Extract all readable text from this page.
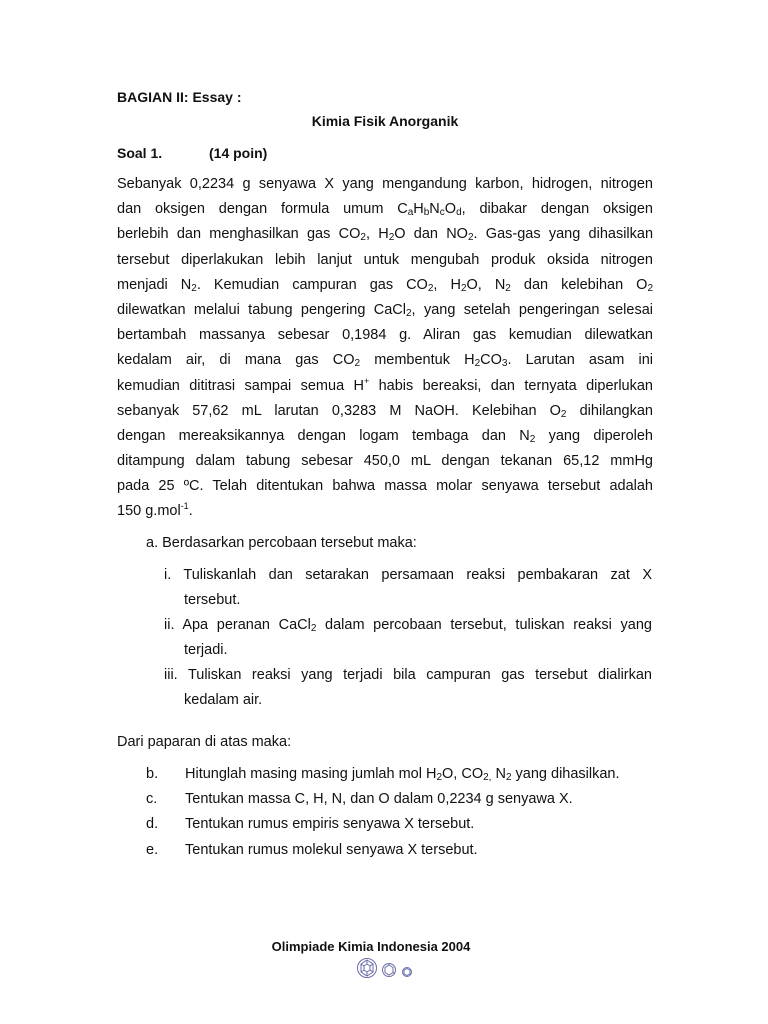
BAGIAN II: Essay :
Kimia Fisik Anorganik
Soal 1.	(14 poin)
Sebanyak 0,2234 g senyawa X yang mengandung karbon, hidrogen, nitrogen
dan oksigen dengan formula umum $C_aH_bN_cO_d$, dibakar dengan oksigen
berlebih dan menghasilkan gas $CO_2$, $H_2O$ dan $NO_2$. Gas-gas yang dihasilkan
tersebut diperlakukan lebih lanjut untuk mengubah produk oksida nitrogen
menjadi $N_2$. Kemudian campuran gas $CO_2$, $H_2O$, $N_2$ dan kelebihan $O_2$
dilewatkan melalui tabung pengering CaCl$_2$, yang setelah pengeringan selesai
bertambah massanya sebesar 0,1984 g. Aliran gas kemudian dilewatkan
kedalam air, di mana gas $CO_2$ membentuk $H_2CO_3$. Larutan asam ini
kemudian dititrasi sampai semua H+ habis bereaksi, dan ternyata diperlukan
sebanyak 57,62 mL larutan 0,3283 M NaOH. Kelebihan $O_2$ dihilangkan
dengan mereaksikannya dengan logam tembaga dan $N_2$ yang diperoleh
ditampung dalam tabung sebesar 450,0 mL dengan tekanan 65,12 mmHg
pada 25 ºC. Telah ditentukan bahwa massa molar senyawa tersebut adalah
150 g.mol$^{-1}$.
a. Berdasarkan percobaan tersebut maka:
i. Tuliskanlah dan setarakan persamaan reaksi pembakaran zat X
tersebut.
ii. Apa peranan CaCl$_2$ dalam percobaan tersebut, tuliskan reaksi yang
terjadi.
iii. Tuliskan reaksi yang terjadi bila campuran gas tersebut dialirkan
kedalam air.
Dari paparan di atas maka:
b. Hitunglah masing masing jumlah mol $H_2O$, $CO_{2,}$ $N_2$ yang dihasilkan.
c. Tentukan massa C, H, N, dan O dalam 0,2234 g senyawa X.
d. Tentukan rumus empiris senyawa X tersebut.
e. Tentukan rumus molekul senyawa X tersebut.
Olimpiade Kimia Indonesia 2004
